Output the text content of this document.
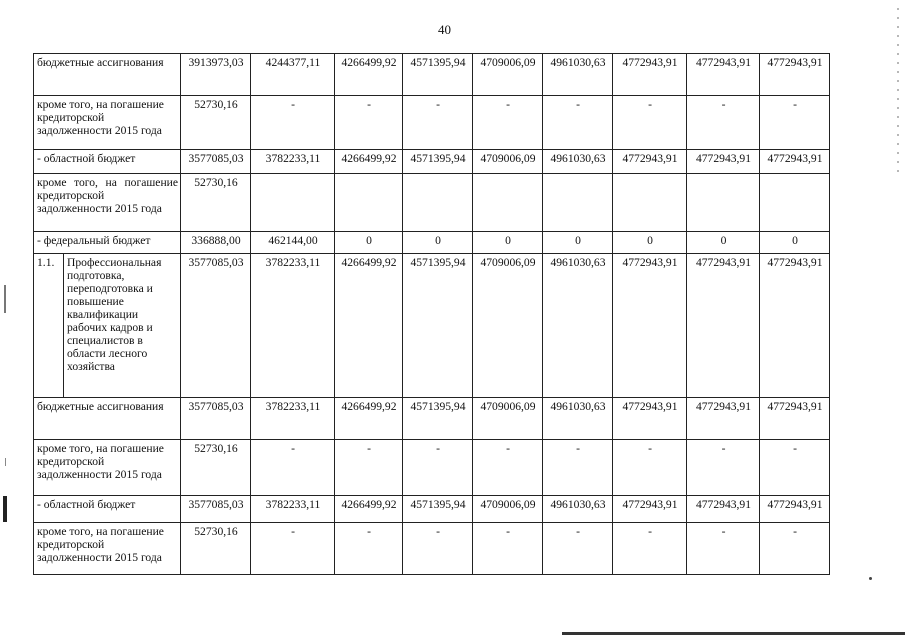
40
бюджетные ассигнования		3913973,03	4244377,11	4266499,92	4571395,94	4709006,09	4961030,63	4772943,91	4772943,91	4772943,91
кроме того, на погашение кредиторской задолженности 2015 года		52730,16	-	-	-	-	-	-	-	-
- областной бюджет		3577085,03	3782233,11	4266499,92	4571395,94	4709006,09	4961030,63	4772943,91	4772943,91	4772943,91
кроме того, на погашение кредиторской задолженности 2015 года		52730,16								
- федеральный бюджет		336888,00	462144,00	0	0	0	0	0	0	0
1.1.	Профессиональная подготовка, переподготовка и повышение квалификации рабочих кадров и специалистов в области лесного хозяйства	3577085,03	3782233,11	4266499,92	4571395,94	4709006,09	4961030,63	4772943,91	4772943,91	4772943,91
бюджетные ассигнования		3577085,03	3782233,11	4266499,92	4571395,94	4709006,09	4961030,63	4772943,91	4772943,91	4772943,91
кроме того, на погашение кредиторской задолженности 2015 года		52730,16	-	-	-	-	-	-	-	-
- областной бюджет		3577085,03	3782233,11	4266499,92	4571395,94	4709006,09	4961030,63	4772943,91	4772943,91	4772943,91
кроме того, на погашение кредиторской задолженности 2015 года		52730,16	-	-	-	-	-	-	-	-
